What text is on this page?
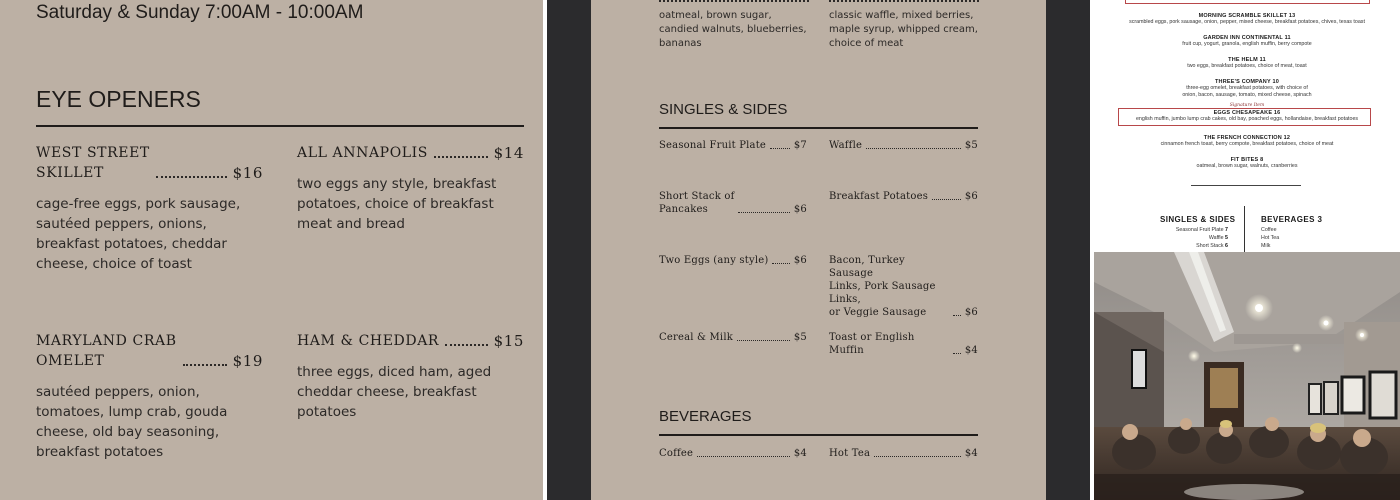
Saturday & Sunday 7:00AM - 10:00AM
EYE OPENERS
WEST STREET
SKILLET	$16
cage-free eggs, pork sausage, sautéed peppers, onions, breakfast potatoes, cheddar cheese, choice of toast
ALL ANNAPOLIS	$14
two eggs any style, breakfast potatoes, choice of breakfast meat and bread
MARYLAND CRAB
OMELET	$19
sautéed peppers, onion, tomatoes, lump crab, gouda cheese, old bay seasoning, breakfast potatoes
HAM & CHEDDAR	$15
three eggs, diced ham, aged cheddar cheese, breakfast potatoes
oatmeal, brown sugar, candied walnuts, blueberries, bananas
classic waffle, mixed berries, maple syrup, whipped cream, choice of meat
SINGLES & SIDES
Seasonal Fruit Plate	$7 Waffle	$5
Short Stack of
Pancakes	$6
Breakfast Potatoes	$6
Two Eggs (any style)	$6 Bacon, Turkey Sausage
Links, Pork Sausage Links,
or Veggie Sausage	$6
Cereal & Milk	$5 Toast or English Muffin	$4
BEVERAGES
Coffee	$4 Hot Tea	$4
MORNING SCRAMBLE SKILLET 13
scrambled eggs, pork sausage, onion, pepper, mixed cheese, breakfast potatoes, chives, texas toast
GARDEN INN CONTINENTAL 11
fruit cup, yogurt, granola, english muffin, berry compote
THE HELM 11
two eggs, breakfast potatoes, choice of meat, toast
THREE'S COMPANY 10
three-egg omelet, breakfast potatoes, with choice of onion, bacon, sausage, tomato, mixed cheese, spinach
Signature Item
EGGS CHESAPEAKE 16
english muffin, jumbo lump crab cakes, old bay, poached eggs, hollandaise, breakfast potatoes
THE FRENCH CONNECTION 12
cinnamon french toast, berry compote, breakfast potatoes, choice of meat
FIT BITES 8
oatmeal, brown sugar, walnuts, cranberries
SINGLES & SIDES	BEVERAGES 3
Seasonal Fruit Plate 7
Waffle 5
Short Stack 6
Coffee
Hot Tea
Milk
